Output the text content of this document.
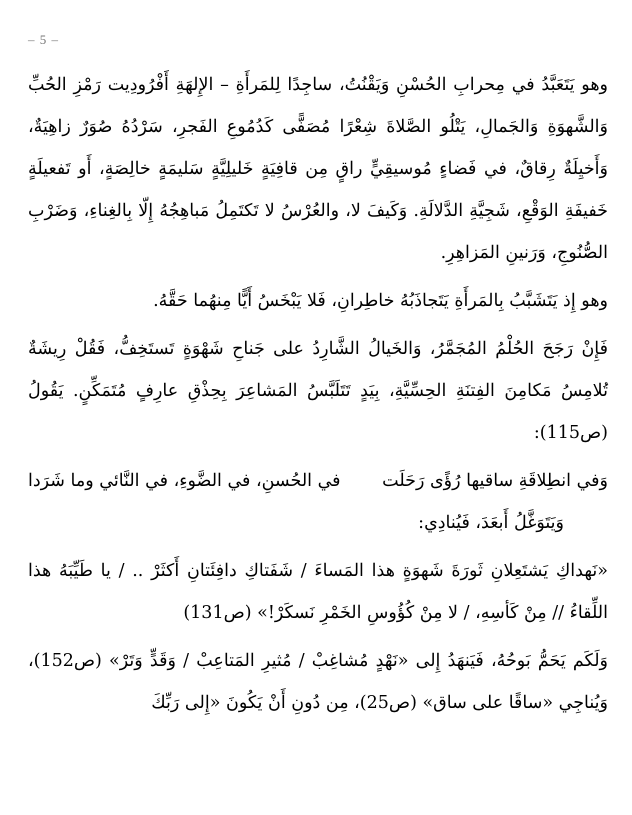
– 5 –
وهو يَتَعَبَّدُ في مِحرابِ الحُسْنِ وَيَقْنُتُ، ساجِدًا لِلمَرأَةِ – الإِلهَةِ أَفْرُودِيت رَمْزِ الحُبِّ وَالشَّهوَةِ وَالجَمالِ، يَتْلُو الصَّلاةَ شِعْرًا مُصَفًّى كَدُمُوعِ الفَجرِ، سَرْدُهُ صُوَرٌ زاهِيَةٌ، وَأَخيِلَةٌ رِقاقٌ، في فَضاءٍ مُوسيقِيٍّ راقٍ مِن قافِيَةٍ خَليلِيَّةٍ سَليمَةٍ خالِصَةٍ، أَو تَفعيلَةٍ خَفيفَةِ الوَقْعِ، شَجِيَّةِ الدَّلالَةِ. وَكَيفَ لا، والعُرْسُ لا تَكتَمِلُ مَباهِجُهُ إِلّا بِالغِناءِ، وَضَرْبِ الصُّنُوجِ، وَرَنينِ المَزاهِرِ.
وهو إِذ يَتَشَبَّبُ بِالمَرأَةِ يَتَجاذَبُهُ خاطِرانِ، فَلا يَبْخَسُ أَيًّا مِنهُما حَقَّهُ.
فَإِنْ رَجَحَ الحُلْمُ المُجَمَّرُ، وَالخَيالُ الشَّارِدُ على جَناحِ شَهْوَةٍ تَستَخِفُّ، فَقُلْ رِيشَةٌ تُلامِسُ مَكامِنَ الفِتنَةِ الحِسِّيَّةِ، بِيَدٍ تَتَلَبَّسُ المَشاعِرَ بِحِذْقِ عارِفٍ مُتَمَكِّنٍ. يَقُولُ (ص115):
وَفي انطِلاقَةِ ساقيها رُؤًى رَحَلَت
في الحُسنِ، في الضَّوءِ، في النَّائي وما شَرَدا
وَيَتَوَغَّلُ أَبعَدَ، فَيُنادِي:
«نَهداكِ يَشتَعِلانِ ثَورَةَ شَهوَةٍ هذا المَساءَ / شَفَتاكِ دافِئَتانِ أَكثَرْ .. / يا طَيِّبَهُ هذا اللِّقاءُ // مِنْ كَأسِهِ، / لا مِنْ كُؤُوسِ الخَمْرِ نَسكَرْ!» (ص131)
وَلَكَم يَحَمُّ بَوحُهُ، فَيَنهَدُ إِلى «نَهْدٍ مُشاغِبْ / مُثيرِ المَتاعِبْ / وَقَدٍّ وَتَرْ» (ص152)، وَيُناجِي «ساقًا على ساق» (ص25)، مِن دُونِ أَنْ يَكُونَ «إِلى رَبِّكَ
